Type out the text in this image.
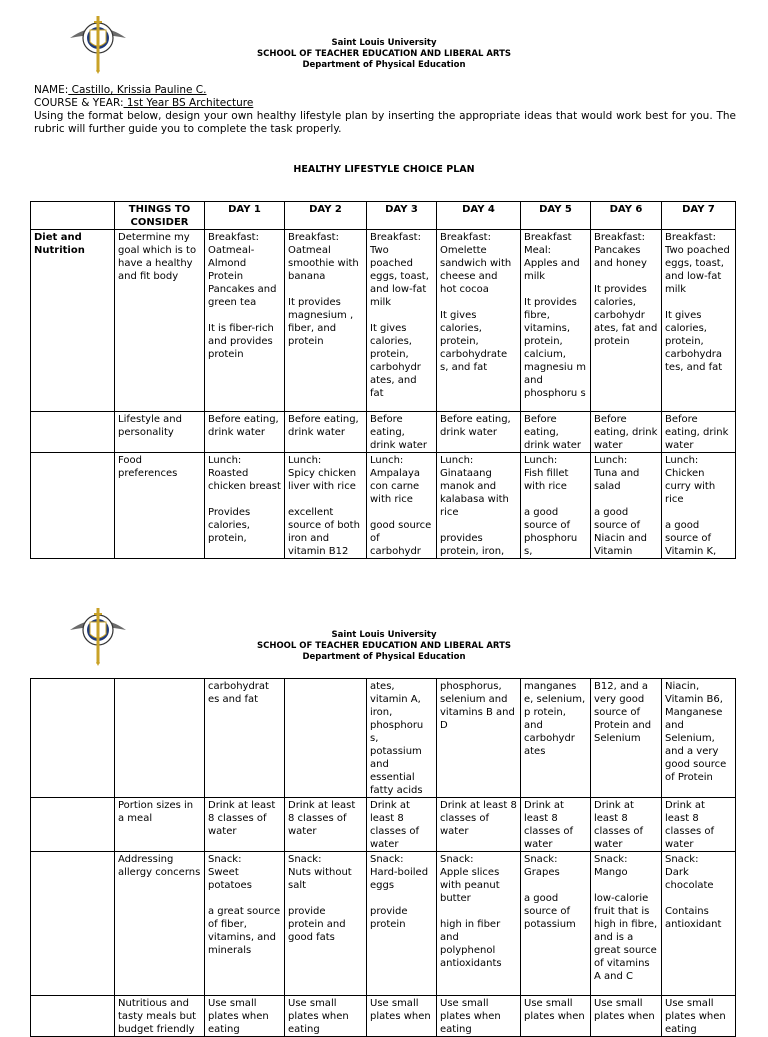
Saint Louis University
SCHOOL OF TEACHER EDUCATION AND LIBERAL ARTS
Department of Physical Education
NAME: Castillo, Krissia Pauline C.
COURSE & YEAR: 1st Year BS Architecture
Using the format below, design your own healthy lifestyle plan by inserting the appropriate ideas that would work best for you. The rubric will further guide you to complete the task properly.
HEALTHY LIFESTYLE CHOICE PLAN
	THINGS TO CONSIDER	DAY 1	DAY 2	DAY 3	DAY 4	DAY 5	DAY 6	DAY 7
Diet and Nutrition	Determine my goal which is to have a healthy and fit body	Breakfast:
Oatmeal-Almond Protein Pancakes and green tea

It is fiber-rich and provides protein	Breakfast:
Oatmeal smoothie with banana

It provides magnesium , fiber, and protein	Breakfast:
Two poached eggs, toast, and low-fat milk

It gives calories, protein, carbohydr ates, and fat	Breakfast:
Omelette sandwich with cheese and hot cocoa

It gives calories, protein, carbohydrate s, and fat	Breakfast Meal:
Apples and milk

It provides fibre, vitamins, protein, calcium, magnesiu m and phosphoru s	Breakfast:
Pancakes and honey

It provides calories, carbohydr ates, fat and protein	Breakfast:
Two poached eggs, toast, and low-fat milk

It gives calories, protein, carbohydra tes, and fat
	Lifestyle and personality	Before eating, drink water	Before eating, drink water	Before eating, drink water	Before eating, drink water	Before eating, drink water	Before eating, drink water	Before eating, drink water
	Food preferences	Lunch:
Roasted chicken breast

Provides calories, protein,	Lunch:
Spicy chicken liver with rice

excellent source of both iron and vitamin B12	Lunch:
Ampalaya con carne with rice

good source of carbohydr	Lunch:
Ginataang manok and kalabasa with rice

provides protein, iron,	Lunch:
Fish fillet with rice

a good source of phosphoru s,	Lunch:
Tuna and salad

a good source of Niacin and Vitamin	Lunch:
Chicken curry with rice

a good source of Vitamin K,
Saint Louis University
SCHOOL OF TEACHER EDUCATION AND LIBERAL ARTS
Department of Physical Education
		carbohydrat es and fat		ates, vitamin A, iron, phosphoru s, potassium and essential fatty acids	phosphorus, selenium and vitamins B and D	manganes e, selenium, p rotein, and carbohydr ates	B12, and a very good source of Protein and Selenium	Niacin, Vitamin B6, Manganese and Selenium, and a very good source of Protein
	Portion sizes in a meal	Drink at least 8 classes of water	Drink at least 8 classes of water	Drink at least 8 classes of water	Drink at least 8 classes of water	Drink at least 8 classes of water	Drink at least 8 classes of water	Drink at least 8 classes of water
	Addressing allergy concerns	Snack:
Sweet potatoes

a great source of fiber, vitamins, and minerals	Snack:
Nuts without salt

provide protein and good fats	Snack:
Hard-boiled eggs

provide protein	Snack:
Apple slices with peanut butter

high in fiber and polyphenol antioxidants	Snack:
Grapes

a good source of potassium	Snack:
Mango

low-calorie fruit that is high in fibre, and is a great source of vitamins A and C	Snack:
Dark chocolate

Contains antioxidant
	Nutritious and tasty meals but budget friendly	Use small plates when eating	Use small plates when eating	Use small plates when	Use small plates when eating	Use small plates when	Use small plates when	Use small plates when eating
